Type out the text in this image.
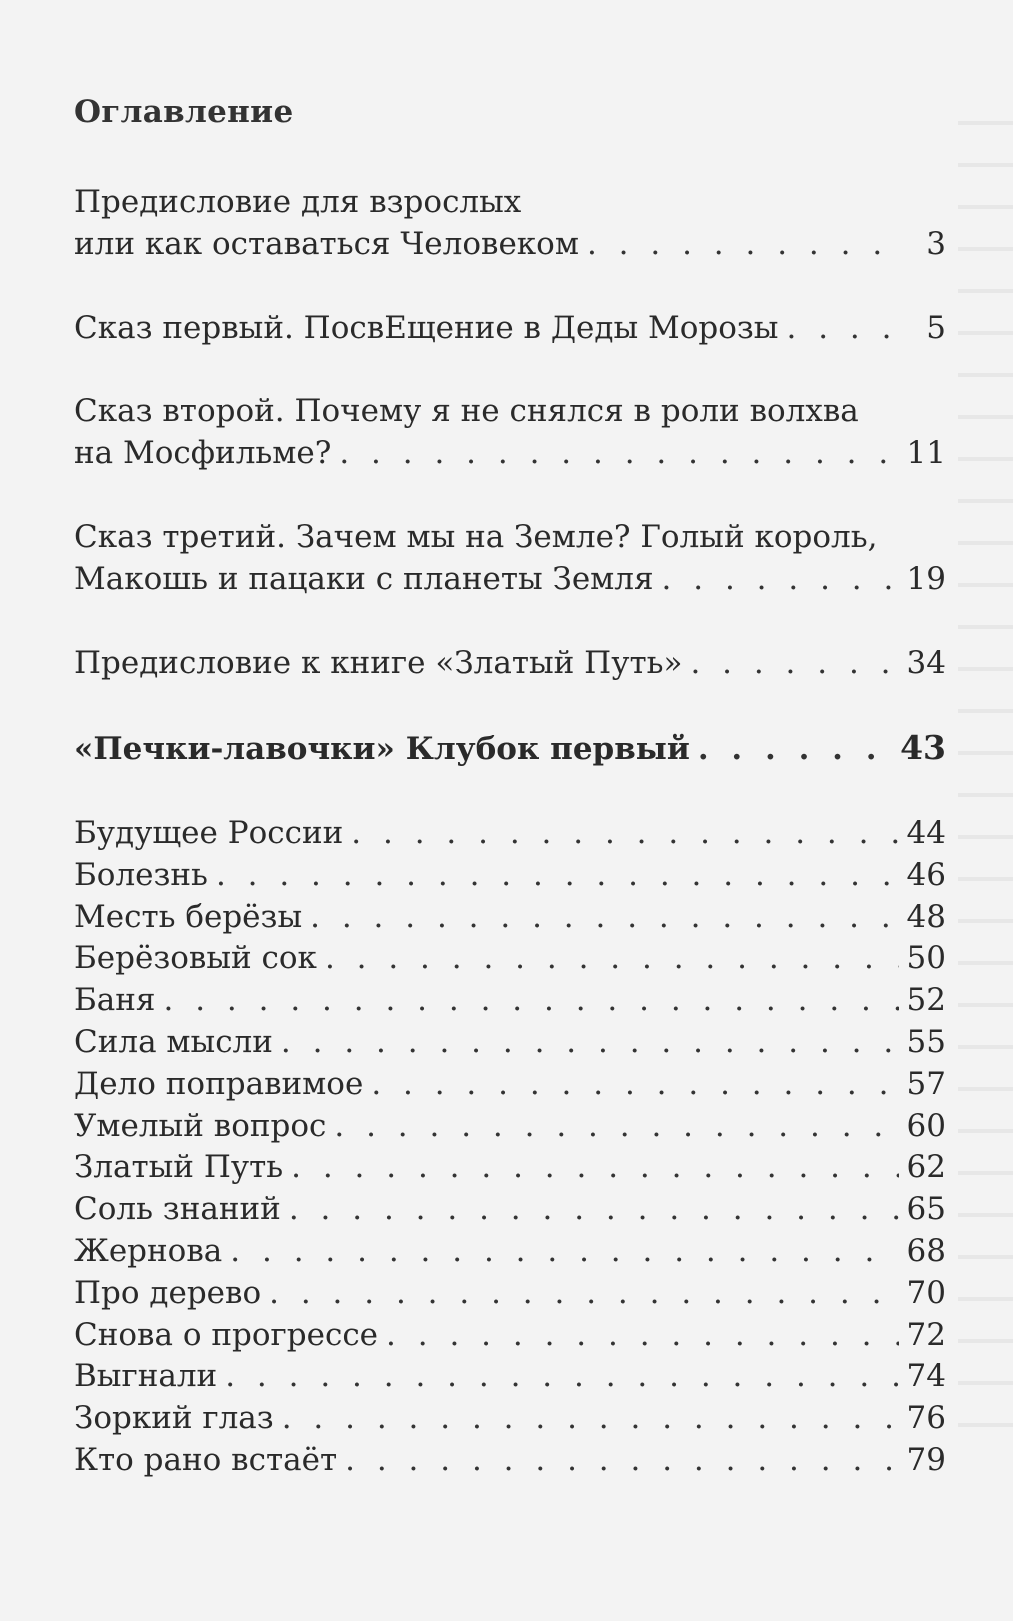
Оглавление
Предисловие для взрослых
или как оставаться Человеком . . .	3
Сказ первый. ПосвЕщение в Деды Морозы . . .	5
Сказ второй. Почему я не снялся в роли волхва
на Мосфильме? . . .	11
Сказ третий. Зачем мы на Земле? Голый король,
Макошь и пацаки с планеты Земля . . .	19
Предисловие к книге «Златый Путь» . . .	34
«Печки-лавочки» Клубок первый . . .	43
Будущее России . . .	44
Болезнь . . .	46
Месть берёзы . . .	48
Берёзовый сок . . .	50
Баня . . .	52
Сила мысли . . .	55
Дело поправимое . . .	57
Умелый вопрос . . .	60
Златый Путь . . .	62
Соль знаний . . .	65
Жернова . . .	68
Про дерево . . .	70
Снова о прогрессе . . .	72
Выгнали . . .	74
Зоркий глаз . . .	76
Кто рано встаёт . . .	79
